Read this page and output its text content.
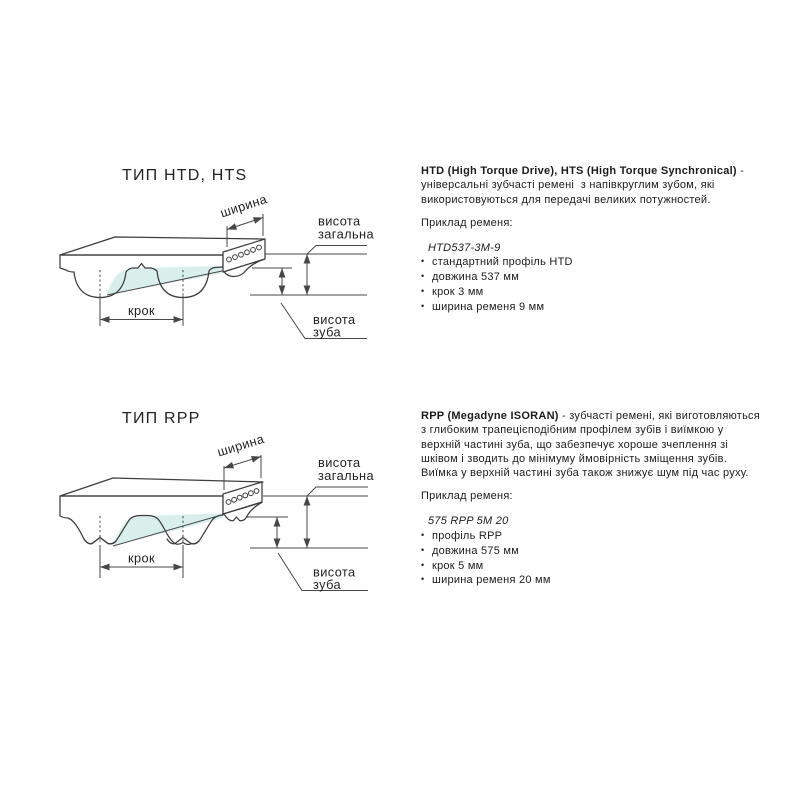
ТИП HTD, HTS
ширина
крок
висота
загальна
висота
зуба
ТИП RPP
ширина
крок
висота
загальна
висота
зуба
HTD (High Torque Drive), HTS (High Torque Synchronical) -
універсальні зубчасті ремені  з напівкруглим зубом, які
використовуються для передачі великих потужностей.
Приклад ременя:
HTD537-3M-9
• стандартний профіль HTD
• довжина 537 мм
• крок 3 мм
• ширина ременя 9 мм
RPP (Megadyne ISORAN) - зубчасті ремені, які виготовляються
з глибоким трапецієподібним профілем зубів і виїмкою у
верхній частині зуба, що забезпечує хороше зчеплення зі
шківом і зводить до мінімуму ймовірність зміщення зубів.
Виїмка у верхній частині зуба також знижує шум під час руху.
Приклад ременя:
575 RPP 5M 20
• профіль RPP
• довжина 575 мм
• крок 5 мм
• ширина ременя 20 мм
